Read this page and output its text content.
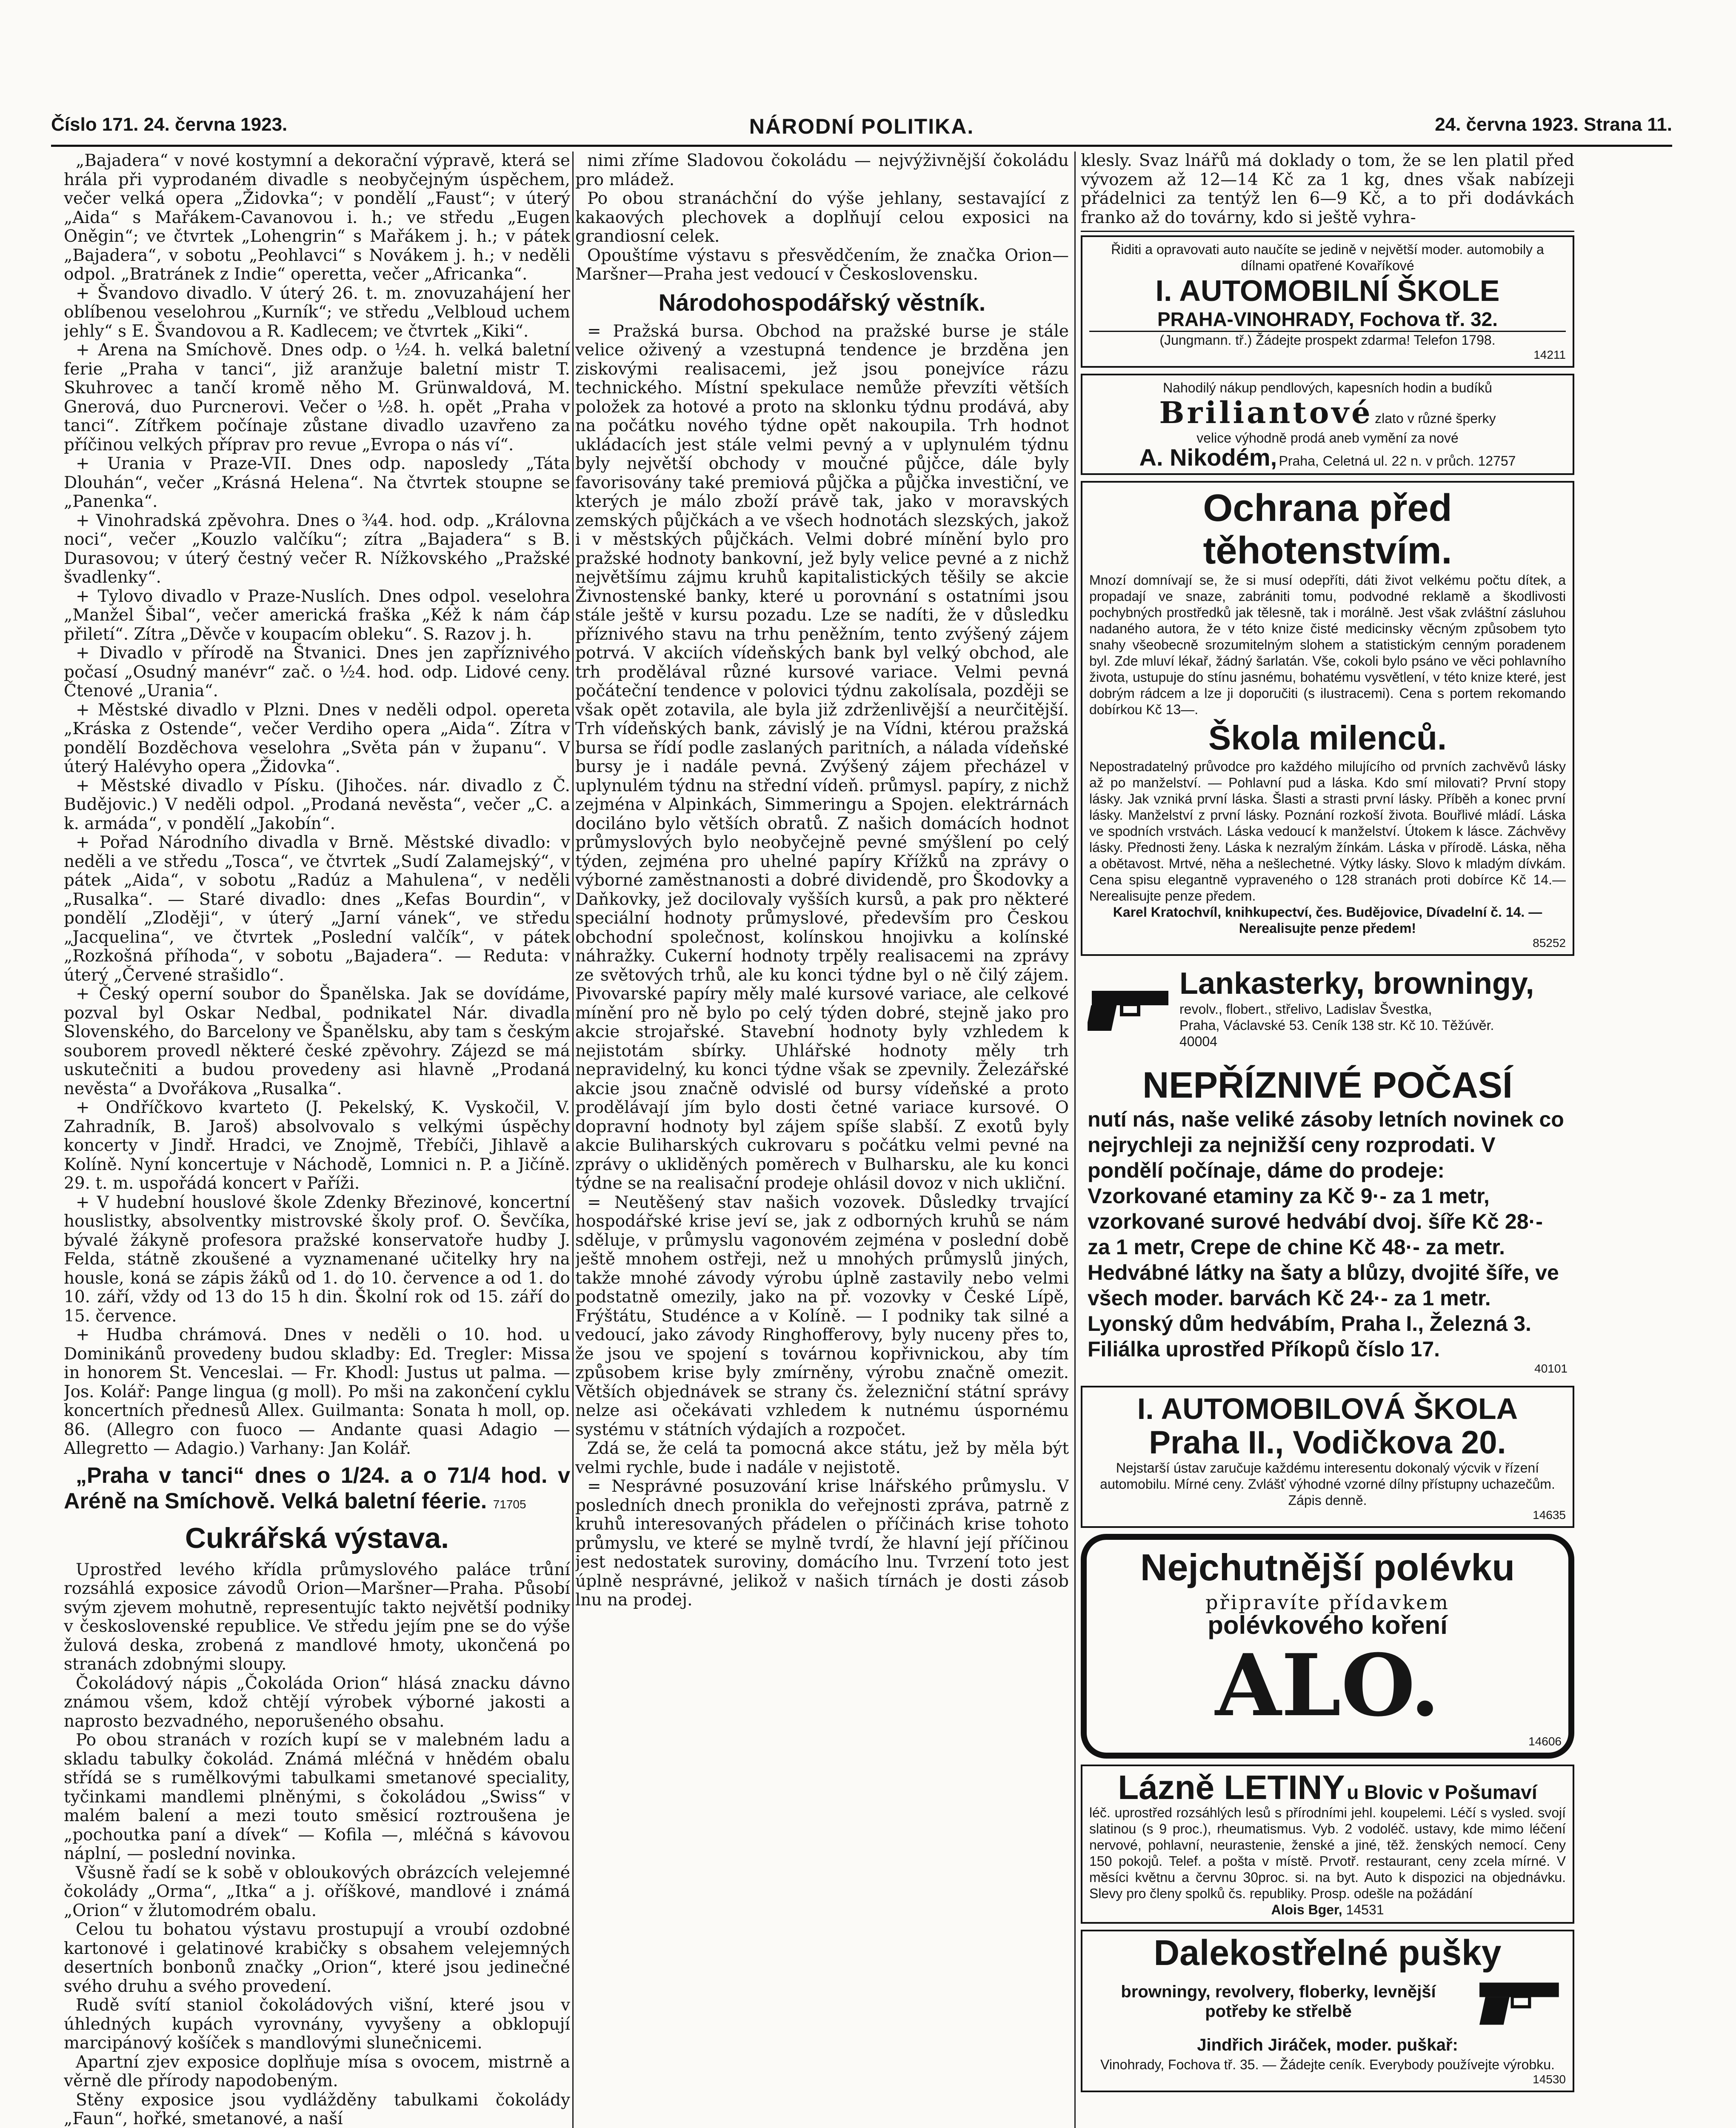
Číslo 171. 24. června 1923.	NÁRODNÍ POLITIKA.	24. června 1923. Strana 11.

„Bajadera“ v nové kostymní a dekorační výpravě, která se hrála při vyprodaném divadle s neobyčejným úspěchem, večer velká opera „Židovka“; v pondělí „Faust“; v úterý „Aida“ s Mařákem-Cavanovou i. h.; ve středu „Eugen Oněgin“; ve čtvrtek „Lohengrin“ s Mařákem j. h.; v pátek „Bajadera“, v sobotu „Peohlavci“ s Novákem j. h.; v neděli odpol. „Bratránek z Indie“ operetta, večer „Africanka“.

+ Švandovo divadlo. V úterý 26. t. m. znovuzahájení her oblíbenou veselohrou „Kurník“; ve středu „Velbloud uchem jehly“ s E. Švandovou a R. Kadlecem; ve čtvrtek „Kiki“.

+ Arena na Smíchově. Dnes odp. o ½4. h. velká baletní ferie „Praha v tanci“, již aranžuje baletní mistr T. Skuhrovec a tančí kromě něho M. Grünwaldová, M. Gnerová, duo Purcnerovi. Večer o ½8. h. opět „Praha v tanci“. Zítřkem počínaje zůstane divadlo uzavřeno za příčinou velkých příprav pro revue „Evropa o nás ví“.

+ Urania v Praze-VII. Dnes odp. naposledy „Táta Dlouhán“, večer „Krásná Helena“. Na čtvrtek stoupne se „Panenka“.

+ Vinohradská zpěvohra. Dnes o ¾4. hod. odp. „Královna noci“, večer „Kouzlo valčíku“; zítra „Bajadera“ s B. Durasovou; v úterý čestný večer R. Nížkovského „Pražské švadlenky“.

+ Tylovo divadlo v Praze-Nuslích. Dnes odpol. veselohra „Manžel Šibal“, večer americká fraška „Kéž k nám čáp přiletí“. Zítra „Děvče v koupacím obleku“. S. Razov j. h.

+ Divadlo v přírodě na Štvanici. Dnes jen zapříznivého počasí „Osudný manévr“ zač. o ½4. hod. odp. Lidové ceny. Čtenové „Urania“.

+ Městské divadlo v Plzni. Dnes v neděli odpol. opereta „Kráska z Ostende“, večer Verdiho opera „Aida“. Zítra v pondělí Bozděchova veselohra „Světa pán v županu“. V úterý Halévyho opera „Židovka“.

+ Městské divadlo v Písku. (Jihočes. nár. divadlo z Č. Budějovic.) V neděli odpol. „Prodaná nevěsta“, večer „C. a k. armáda“, v pondělí „Jakobín“.

+ Pořad Národního divadla v Brně. Městské divadlo: v neděli a ve středu „Tosca“, ve čtvrtek „Sudí Zalamejský“, v pátek „Aida“, v sobotu „Radúz a Mahulena“, v neděli „Rusalka“. — Staré divadlo: dnes „Kefas Bourdin“, v pondělí „Zloději“, v úterý „Jarní vánek“, ve středu „Jacquelina“, ve čtvrtek „Poslední valčík“, v pátek „Rozkošná příhoda“, v sobotu „Bajadera“. — Reduta: v úterý „Červené strašidlo“.

+ Český operní soubor do Španělska. Jak se dovídáme, pozval byl Oskar Nedbal, podnikatel Nár. divadla Slovenského, do Barcelony ve Španělsku, aby tam s českým souborem provedl některé české zpěvohry. Zájezd se má uskutečniti a budou provedeny asi hlavně „Prodaná nevěsta“ a Dvořákova „Rusalka“.

+ Ondříčkovo kvarteto (J. Pekelský, K. Vyskočil, V. Zahradník, B. Jaroš) absolvovalo s velkými úspěchy koncerty v Jindř. Hradci, ve Znojmě, Třebíči, Jihlavě a Kolíně. Nyní koncertuje v Náchodě, Lomnici n. P. a Jičíně. 29. t. m. uspořádá koncert v Paříži.

+ V hudební houslové škole Zdenky Březinové, koncertní houslistky, absolventky mistrovské školy prof. O. Ševčíka, bývalé žákyně profesora pražské konservatoře hudby J. Felda, státně zkoušené a vyznamenané učitelky hry na housle, koná se zápis žáků od 1. do 10. července a od 1. do 10. září, vždy od 13 do 15 h din. Školní rok od 15. září do 15. července.

+ Hudba chrámová. Dnes v neděli o 10. hod. u Dominikánů provedeny budou skladby: Ed. Tregler: Missa in honorem St. Venceslai. — Fr. Khodl: Justus ut palma. — Jos. Kolář: Pange lingua (g moll). Po mši na zakončení cyklu koncertních přednesů Allex. Guilmanta: Sonata h moll, op. 86. (Allegro con fuoco — Andante quasi Adagio — Allegretto — Adagio.) Varhany: Jan Kolář.

„Praha v tanci“ dnes o 1/24. a o 71/4 hod. v Aréně na Smíchově. Velká baletní féerie. 71705

Cukrářská výstava.

Uprostřed levého křídla průmyslového paláce trůní rozsáhlá exposice závodů Orion—Maršner—Praha. Působí svým zjevem mohutně, representujíc takto největší podniky v československé republice. Ve středu jejím pne se do výše žulová deska, zrobená z mandlové hmoty, ukončená po stranách zdobnými sloupy.

Čokoládový nápis „Čokoláda Orion“ hlásá znacku dávno známou všem, kdož chtějí výrobek výborné jakosti a naprosto bezvadného, neporušeného obsahu.

Po obou stranách v rozích kupí se v malebném ladu a skladu tabulky čokolád. Známá mléčná v hnědém obalu střídá se s rumělkovými tabulkami smetanové speciality, tyčinkami mandlemi plněnými, s čokoládou „Swiss“ v malém balení a mezi touto směsicí roztroušena je „pochoutka paní a dívek“ — Kofila —, mléčná s kávovou náplní, — poslední novinka.

Všusně řadí se k sobě v obloukových obrázcích velejemné čokolády „Orma“, „Itka“ a j. oříškové, mandlové i známá „Orion“ v žlutomodrém obalu.

Celou tu bohatou výstavu prostupují a vroubí ozdobné kartonové i gelatinové krabičky s obsahem velejemných desertních bonbonů značky „Orion“, které jsou jedinečné svého druhu a svého provedení.

Rudě svítí staniol čokoládových višní, které jsou v úhledných kupách vyrovnány, vyvyšeny a obklopují marcipánový košíček s mandlovými slunečnicemi.

Apartní zjev exposice doplňuje mísa s ovocem, mistrně a věrně dle přírody napodobeným.

Stěny exposice jsou vydlážděny tabulkami čokolády „Faun“, hořké, smetanové, a naší

nimi zříme Sladovou čokoládu — nejvýživnější čokoládu pro mládež.

Po obou stranáchční do výše jehlany, sestavající z kakaových plechovek a doplňují celou exposici na grandiosní celek.

Opouštíme výstavu s přesvědčením, že značka Orion—Maršner—Praha jest vedoucí v Československu.

Národohospodářský věstník.

= Pražská bursa. Obchod na pražské burse je stále velice oživený a vzestupná tendence je brzděna jen ziskovými realisacemi, jež jsou ponejvíce rázu technického. Místní spekulace nemůže převzíti větších položek za hotové a proto na sklonku týdnu prodává, aby na počátku nového týdne opět nakoupila. Trh hodnot ukládacích jest stále velmi pevný a v uplynulém týdnu byly největší obchody v moučné půjčce, dále byly favorisovány také premiová půjčka a půjčka investiční, ve kterých je málo zboží právě tak, jako v moravských zemských půjčkách a ve všech hodnotách slezských, jakož i v městských půjčkách. Velmi dobré mínění bylo pro pražské hodnoty bankovní, jež byly velice pevné a z nichž největšímu zájmu kruhů kapitalistických těšily se akcie Živnostenské banky, které u porovnání s ostatními jsou stále ještě v kursu pozadu. Lze se nadíti, že v důsledku příznivého stavu na trhu peněžním, tento zvýšený zájem potrvá. V akciích vídeňských bank byl velký obchod, ale trh prodělával různé kursové variace. Velmi pevná počáteční tendence v polovici týdnu zakolísala, později se však opět zotavila, ale byla již zdrženlivější a neurčitější. Trh vídeňských bank, závislý je na Vídni, ktérou pražská bursa se řídí podle zaslaných paritních, a nálada vídeňské bursy je i nadále pevná. Zvýšený zájem přecházel v uplynulém týdnu na střední vídeň. průmysl. papíry, z nichž zejména v Alpinkách, Simmeringu a Spojen. elektrárnách dociláno bylo větších obratů. Z našich domácích hodnot průmyslových bylo neobyčejně pevné smýšlení po celý týden, zejména pro uhelné papíry Křížků na zprávy o výborné zaměstnanosti a dobré dividendě, pro Škodovky a Daňkovky, jež docilovaly vyšších kursů, a pak pro některé speciální hodnoty průmyslové, především pro Českou obchodní společnost, kolínskou hnojivku a kolínské náhražky. Cukerní hodnoty trpěly realisacemi na zprávy ze světových trhů, ale ku konci týdne byl o ně čilý zájem. Pivovarské papíry měly malé kursové variace, ale celkové mínění pro ně bylo po celý týden dobré, stejně jako pro akcie strojařské. Stavební hodnoty byly vzhledem k nejistotám sbírky. Uhlářské hodnoty měly trh nepravidelný, ku konci týdne však se zpevnily. Železářské akcie jsou značně odvislé od bursy vídeňské a proto prodělávají jím bylo dosti četné variace kursové. O dopravní hodnoty byl zájem spíše slabší. Z exotů byly akcie Buliharských cukrovaru s počátku velmi pevné na zprávy o ukliděných poměrech v Bulharsku, ale ku konci týdne se na realisační prodeje ohlásil dovoz v nich ukliční.

= Neutěšený stav našich vozovek. Důsledky trvající hospodářské krise jeví se, jak z odborných kruhů se nám sděluje, v průmyslu vagonovém zejména v poslední době ještě mnohem ostřeji, než u mnohých průmyslů jiných, takže mnohé závody výrobu úplně zastavily nebo velmi podstatně omezily, jako na př. vozovky v České Lípě, Frýštátu, Studénce a v Kolíně. — I podniky tak silné a vedoucí, jako závody Ringhofferovy, byly nuceny přes to, že jsou ve spojení s továrnou kopřivnickou, aby tím způsobem krise byly zmírněny, výrobu značně omezit. Větších objednávek se strany čs. železniční státní správy nelze asi očekávati vzhledem k nutnému úspornému systému v státních výdajích a rozpočet.

Zdá se, že celá ta pomocná akce státu, jež by měla být velmi rychle, bude i nadále v nejistotě.

= Nesprávné posuzování krise lnářského průmyslu. V posledních dnech pronikla do veřejnosti zpráva, patrně z kruhů interesovaných přádelen o příčinách krise tohoto průmyslu, ve které se mylně tvrdí, že hlavní její příčinou jest nedostatek suroviny, domácího lnu. Tvrzení toto jest úplně nesprávné, jelikož v našich tírnách je dosti zásob lnu na prodej.

klesly. Svaz lnářů má doklady o tom, že se len platil před vývozem až 12—14 Kč za 1 kg, dnes však nabízeji přádelnici za tentýž len 6—9 Kč, a to při dodávkách franko až do továrny, kdo si ještě vyhra-

Řiditi a opravovati auto naučíte se jedině v největší moder. automobily a dílnami opatřené Kovaříkové
I. AUTOMOBILNÍ ŠKOLE
PRAHA-VINOHRADY, Fochova tř. 32.
(Jungmann. tř.) Žádejte prospekt zdarma! Telefon 1798.
14211
Nahodilý nákup pendlových, kapesních hodin a budíků
Briliantové zlato v různé šperky
velice výhodně prodá aneb vymění za nové
A. Nikodém, Praha, Celetná ul. 22 n. v průch. 12757
Ochrana před
těhotenstvím.
Mnozí domnívají se, že si musí odepříti, dáti život velkému počtu dítek, a propadají ve snaze, zabrániti tomu, podvodné reklamě a škodlivosti pochybných prostředků jak tělesně, tak i morálně. Jest však zvláštní zásluhou nadaného autora, že v této knize čisté medicinsky věcným způsobem tyto snahy všeobecně srozumitelným slohem a statistickým cenným poradenem byl. Zde mluví lékař, žádný šarlatán. Vše, cokoli bylo psáno ve věci pohlavního života, ustupuje do stínu jasnému, bohatému vysvětlení, v této knize které, jest dobrým rádcem a lze ji doporučiti (s ilustracemi). Cena s portem rekomando dobírkou Kč 13—.
Škola milenců.
Nepostradatelný průvodce pro každého milujícího od prvních zachvěvů lásky až po manželství. — Pohlavní pud a láska. Kdo smí milovati? První stopy lásky. Jak vzniká první láska. Šlasti a strasti první lásky. Příběh a konec první lásky. Manželství z první lásky. Poznání rozkoší života. Bouřlivé mládí. Láska ve spodních vrstvách. Láska vedoucí k manželství. Útokem k lásce. Záchvěvy lásky. Přednosti ženy. Láska k nezralým žínkám. Láska v přírodě. Láska, něha a obětavost. Mrtvé, něha a nešlechetné. Výtky lásky. Slovo k mladým dívkám. Cena spisu elegantně vypraveného o 128 stranách proti dobírce Kč 14.— Nerealisujte penze předem.
Karel Kratochvíl, knihkupectví, čes. Budějovice, Dívadelní č. 14. — Nerealisujte penze předem!
85252
Lankasterky, browningy,
revolv., flobert., střelivo, Ladislav Švestka,
Praha, Václavské 53. Ceník 138 str. Kč 10. Těžúvěr.
40004
NEPŘÍZNIVÉ POČASÍ
nutí nás, naše veliké zásoby letních novinek co nejrychleji za nejnižší ceny rozprodati. V pondělí počínaje, dáme do prodeje: Vzorkované etaminy za Kč 9·- za 1 metr, vzorkované surové hedvábí dvoj. šíře Kč 28·- za 1 metr, Crepe de chine Kč 48·- za metr. Hedvábné látky na šaty a blůzy, dvojité šíře, ve všech moder. barvách Kč 24·- za 1 metr. Lyonský dům hedvábím, Praha I., Železná 3. Filiálka uprostřed Příkopů číslo 17.
40101
I. AUTOMOBILOVÁ ŠKOLA
Praha II., Vodičkova 20.
Nejstarší ústav zaručuje každému interesentu dokonalý výcvik v řízení automobilu. Mírné ceny. Zvlášť výhodné vzorné dílny přístupny uchazečům. Zápis denně.
14635
Nejchutnější polévku
připravíte přídavkem
polévkového koření
ALO.
14606
Lázně LETINY u Blovic v Pošumaví
léč. uprostřed rozsáhlých lesů s přírodními jehl. koupelemi. Léčí s vysled. svojí slatinou (s 9 proc.), rheumatismus. Vyb. 2 vodoléč. ustavy, kde mimo léčení nervové, pohlavní, neurastenie, ženské a jiné, těž. ženských nemocí. Ceny 150 pokojů. Telef. a pošta v místě. Prvotř. restaurant, ceny zcela mírné. V měsíci květnu a červnu 30proc. si. na byt. Auto k dispozici na objednávku. Slevy pro členy spolků čs. republiky. Prosp. odešle na požádání
Alois Bger, 14531
Dalekostřelné pušky
browningy, revolvery, floberky, levnější potřeby ke střelbě
Jindřich Jiráček, moder. puškař:
Vinohrady, Fochova tř. 35. — Žádejte ceník. Everybody používejte výrobku.
14530
